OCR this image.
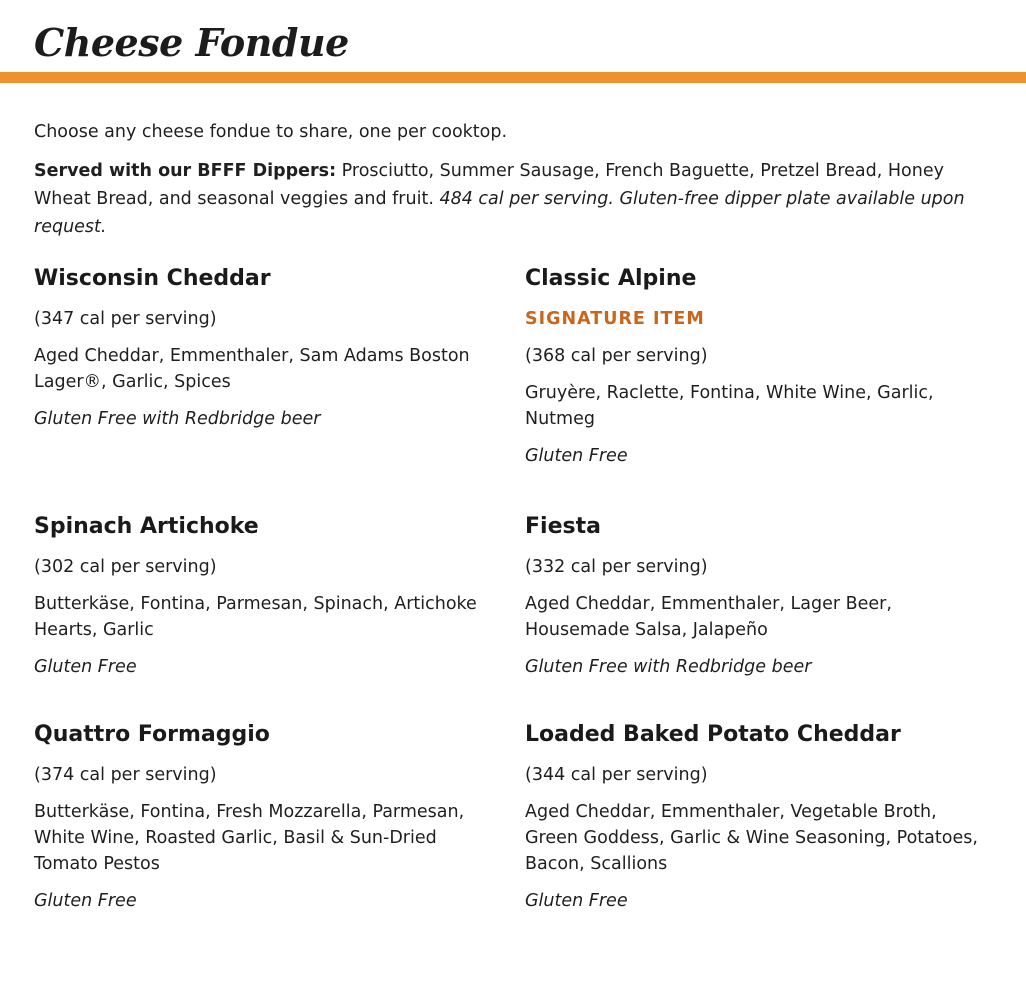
Cheese Fondue

Choose any cheese fondue to share, one per cooktop.

Served with our BFFF Dippers: Prosciutto, Summer Sausage, French Baguette, Pretzel Bread, Honey Wheat Bread, and seasonal veggies and fruit. 484 cal per serving. Gluten-free dipper plate available upon request.

Wisconsin Cheddar

(347 cal per serving)

Aged Cheddar, Emmenthaler, Sam Adams Boston Lager®, Garlic, Spices

Gluten Free with Redbridge beer

Classic Alpine

SIGNATURE ITEM

(368 cal per serving)

Gruyère, Raclette, Fontina, White Wine, Garlic, Nutmeg

Gluten Free

Spinach Artichoke

(302 cal per serving)

Butterkäse, Fontina, Parmesan, Spinach, Artichoke Hearts, Garlic

Gluten Free

Fiesta

(332 cal per serving)

Aged Cheddar, Emmenthaler, Lager Beer, Housemade Salsa, Jalapeño

Gluten Free with Redbridge beer

Quattro Formaggio

(374 cal per serving)

Butterkäse, Fontina, Fresh Mozzarella, Parmesan, White Wine, Roasted Garlic, Basil & Sun-Dried Tomato Pestos

Gluten Free

Loaded Baked Potato Cheddar

(344 cal per serving)

Aged Cheddar, Emmenthaler, Vegetable Broth, Green Goddess, Garlic & Wine Seasoning, Potatoes, Bacon, Scallions

Gluten Free
